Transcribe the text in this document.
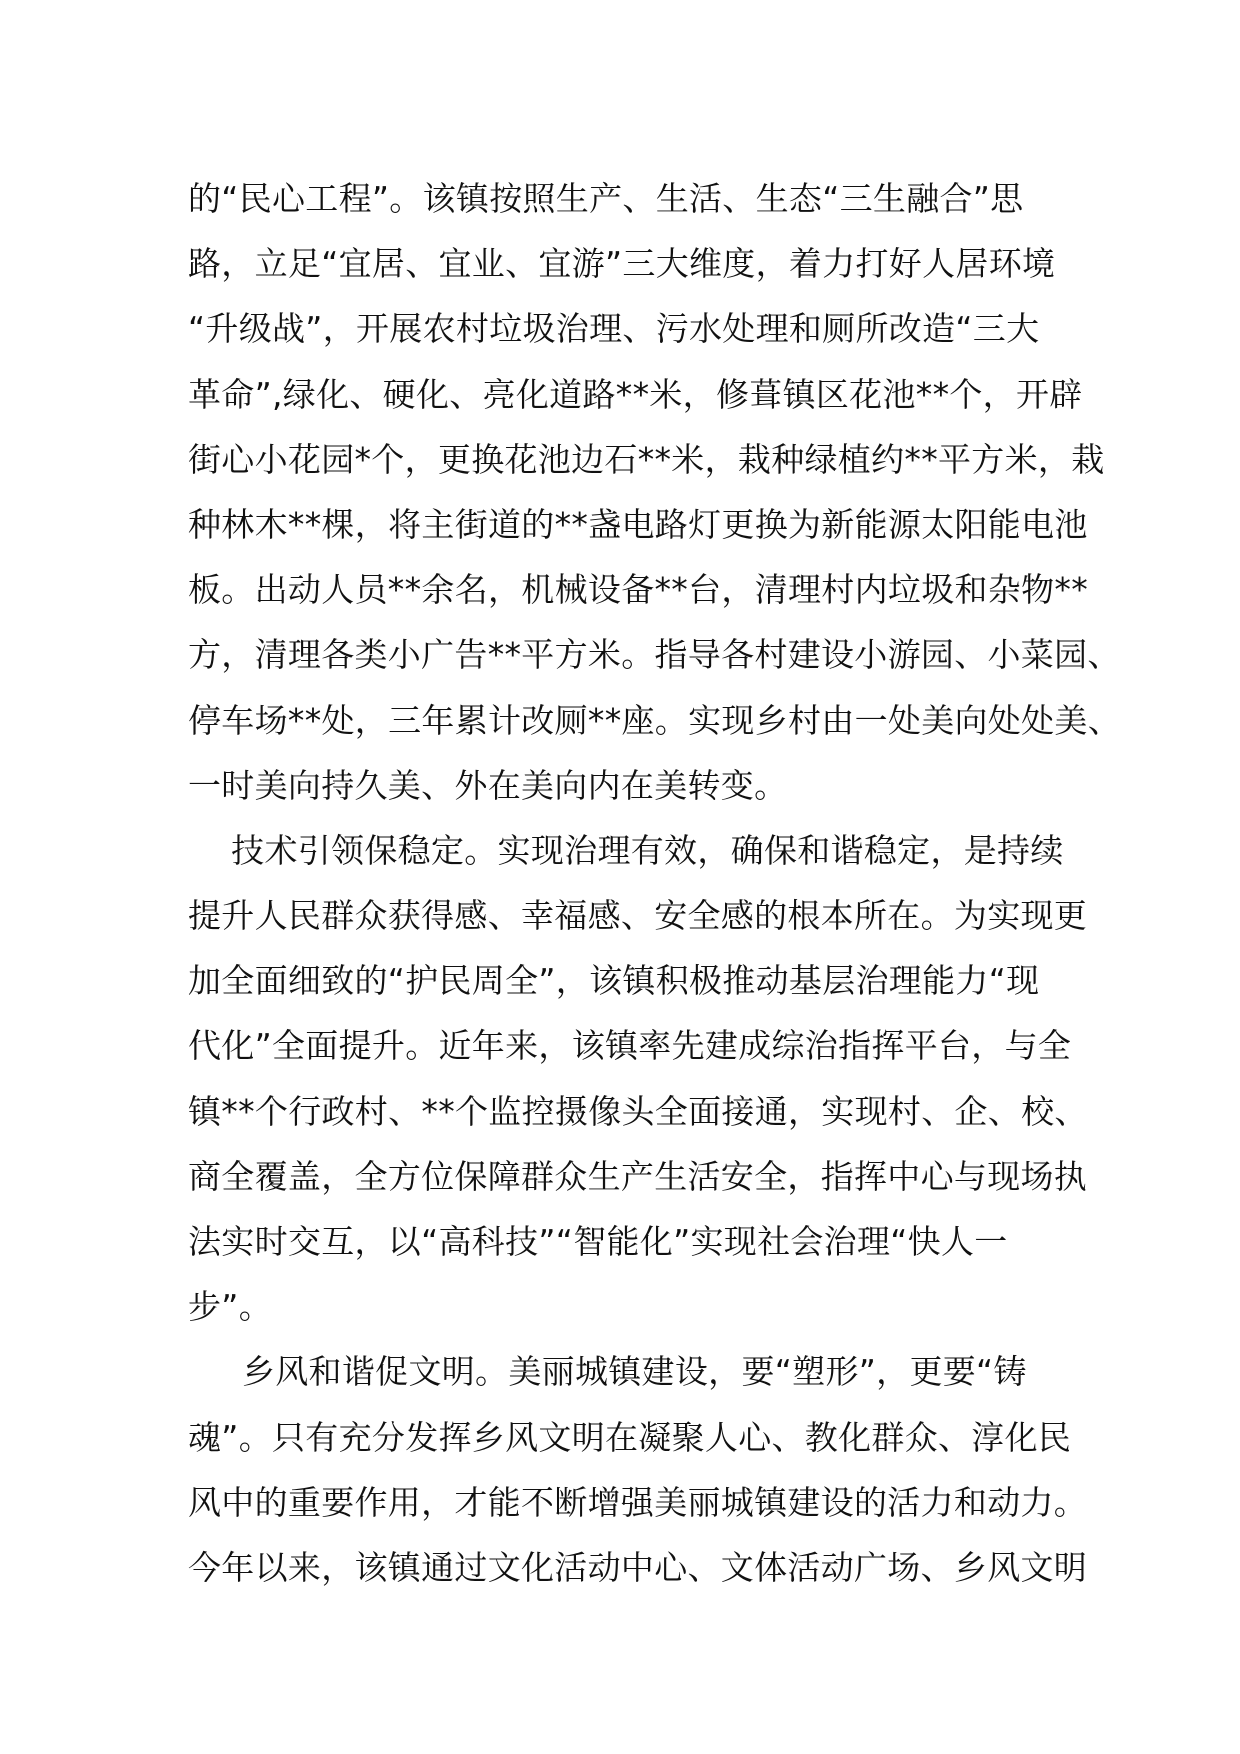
的“民心工程”。该镇按照生产、生活、生态“三生融合”思
路，立足“宜居、宜业、宜游”三大维度，着力打好人居环境
“升级战”，开展农村垃圾治理、污水处理和厕所改造“三大
革命”,绿化、硬化、亮化道路**米，修葺镇区花池**个，开辟
街心小花园*个，更换花池边石**米，栽种绿植约**平方米，栽
种林木**棵，将主街道的**盏电路灯更换为新能源太阳能电池
板。出动人员**余名，机械设备**台，清理村内垃圾和杂物**
方，清理各类小广告**平方米。指导各村建设小游园、小菜园、
停车场**处，三年累计改厕**座。实现乡村由一处美向处处美、
一时美向持久美、外在美向内在美转变。
技术引领保稳定。实现治理有效，确保和谐稳定，是持续
提升人民群众获得感、幸福感、安全感的根本所在。为实现更
加全面细致的“护民周全”，该镇积极推动基层治理能力“现
代化”全面提升。近年来，该镇率先建成综治指挥平台，与全
镇**个行政村、**个监控摄像头全面接通，实现村、企、校、
商全覆盖，全方位保障群众生产生活安全，指挥中心与现场执
法实时交互，以“高科技”“智能化”实现社会治理“快人一
步”。
乡风和谐促文明。美丽城镇建设，要“塑形”，更要“铸
魂”。只有充分发挥乡风文明在凝聚人心、教化群众、淳化民
风中的重要作用，才能不断增强美丽城镇建设的活力和动力。
今年以来，该镇通过文化活动中心、文体活动广场、乡风文明
